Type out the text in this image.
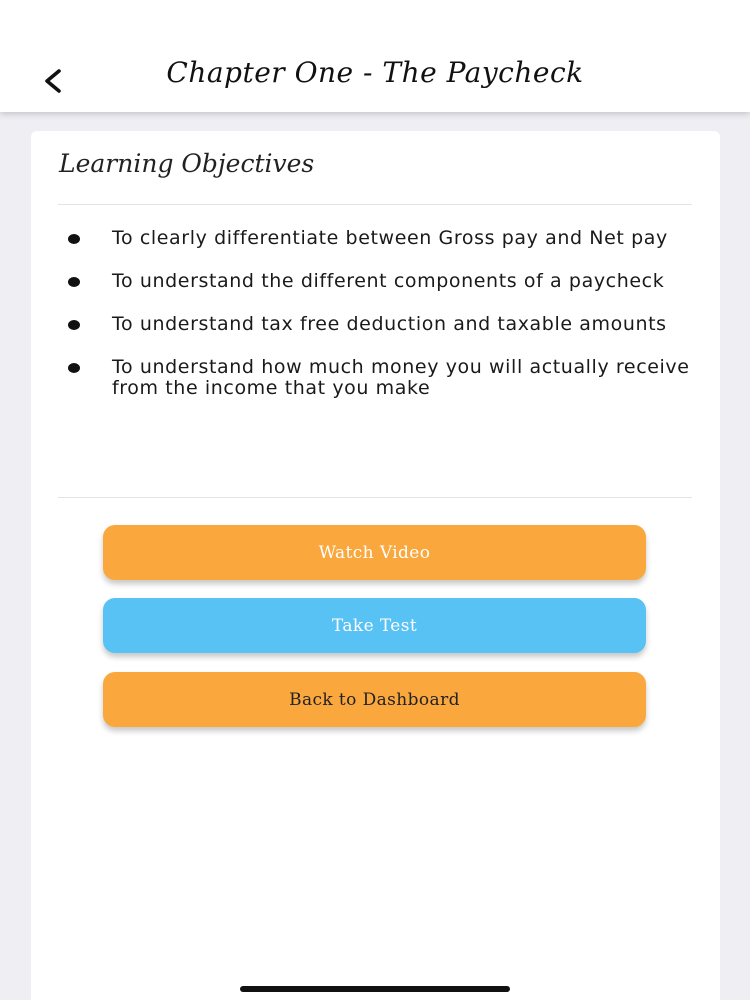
Chapter One - The Paycheck
Learning Objectives
To clearly differentiate between Gross pay and Net pay
To understand the different components of a paycheck
To understand tax free deduction and taxable amounts
To understand how much money you will actually receive from the income that you make
Watch Video
Take Test
Back to Dashboard
